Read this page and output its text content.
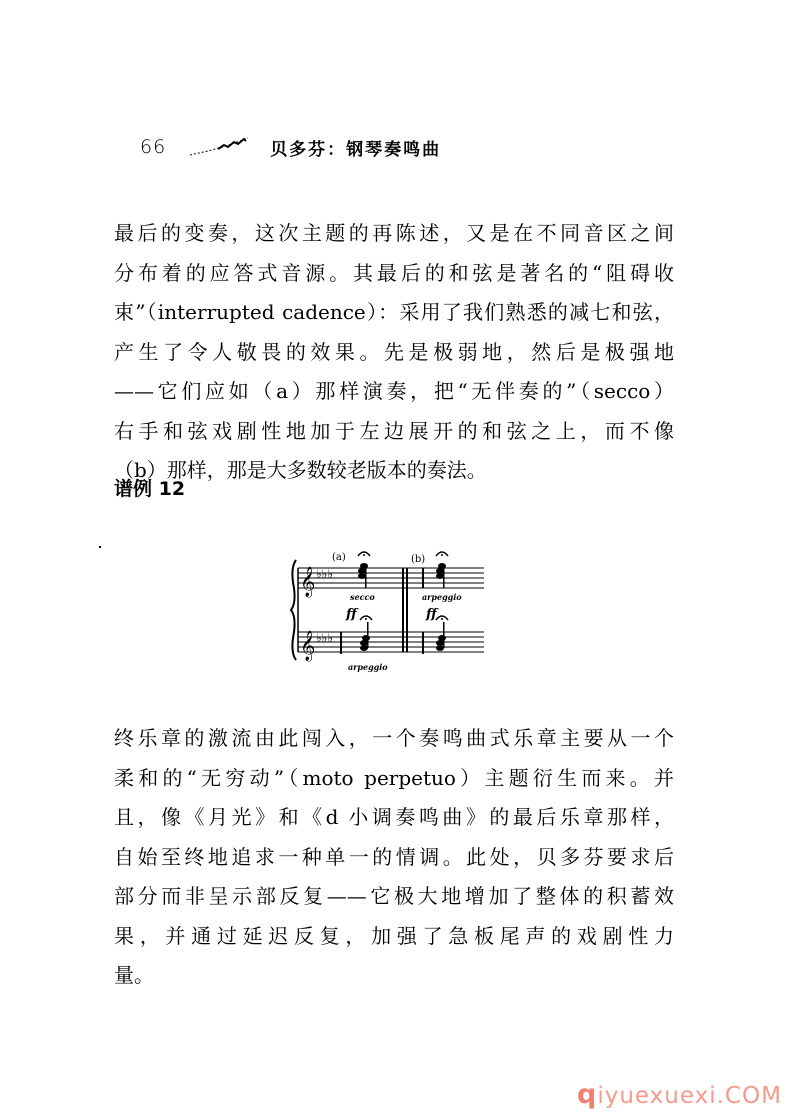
66	贝多芬：钢琴奏鸣曲
最后的变奏，这次主题的再陈述，又是在不同音区之间
分布着的应答式音源。其最后的和弦是著名的“阻碍收
束”（interrupted cadence）：采用了我们熟悉的减七和弦，
产生了令人敬畏的效果。先是极弱地，然后是极强地
——它们应如（a）那样演奏，把“无伴奏的”（secco）
右手和弦戏剧性地加于左边展开的和弦之上，而不像
（b）那样，那是大多数较老版本的奏法。
谱例 12
𝄞
𝄞
♭♭♭
♭♭♭
(a)	(b)
secco	arpeggio
arpeggio
ff	ff
终乐章的激流由此闯入，一个奏鸣曲式乐章主要从一个
柔和的“无穷动”（moto perpetuo）主题衍生而来。并
且，像《月光》和《d 小调奏鸣曲》的最后乐章那样，
自始至终地追求一种单一的情调。此处，贝多芬要求后
部分而非呈示部反复——它极大地增加了整体的积蓄效
果，并通过延迟反复，加强了急板尾声的戏剧性力
量。
qiyuexuexi.COM
